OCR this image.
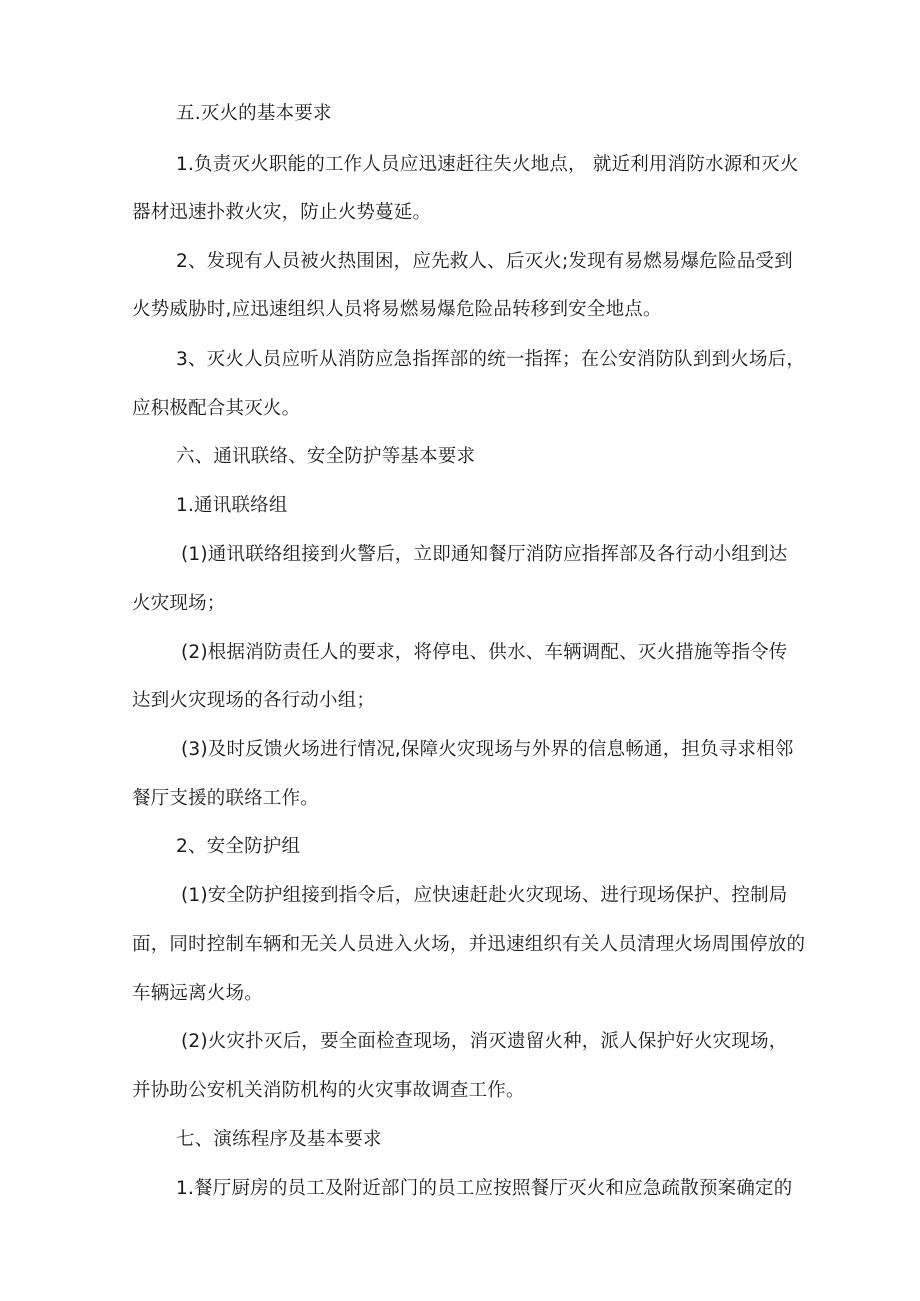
五.灭火的基本要求
1.负责灭火职能的工作人员应迅速赶往失火地点， 就近利用消防水源和灭火
器材迅速扑救火灾，防止火势蔓延。
2、发现有人员被火热围困，应先救人、后灭火;发现有易燃易爆危险品受到
火势威胁时,应迅速组织人员将易燃易爆危险品转移到安全地点。
3、灭火人员应听从消防应急指挥部的统一指挥；在公安消防队到到火场后，
应积极配合其灭火。
六、通讯联络、安全防护等基本要求
1.通讯联络组
(1)通讯联络组接到火警后，立即通知餐厅消防应指挥部及各行动小组到达
火灾现场；
(2)根据消防责任人的要求，将停电、供水、车辆调配、灭火措施等指令传
达到火灾现场的各行动小组；
(3)及时反馈火场进行情况,保障火灾现场与外界的信息畅通，担负寻求相邻
餐厅支援的联络工作。
2、安全防护组
(1)安全防护组接到指令后，应快速赶赴火灾现场、进行现场保护、控制局
面，同时控制车辆和无关人员进入火场，并迅速组织有关人员清理火场周围停放的
车辆远离火场。
(2)火灾扑灭后，要全面检查现场，消灭遗留火种，派人保护好火灾现场，
并协助公安机关消防机构的火灾事故调查工作。
七、演练程序及基本要求
1.餐厅厨房的员工及附近部门的员工应按照餐厅灭火和应急疏散预案确定的
